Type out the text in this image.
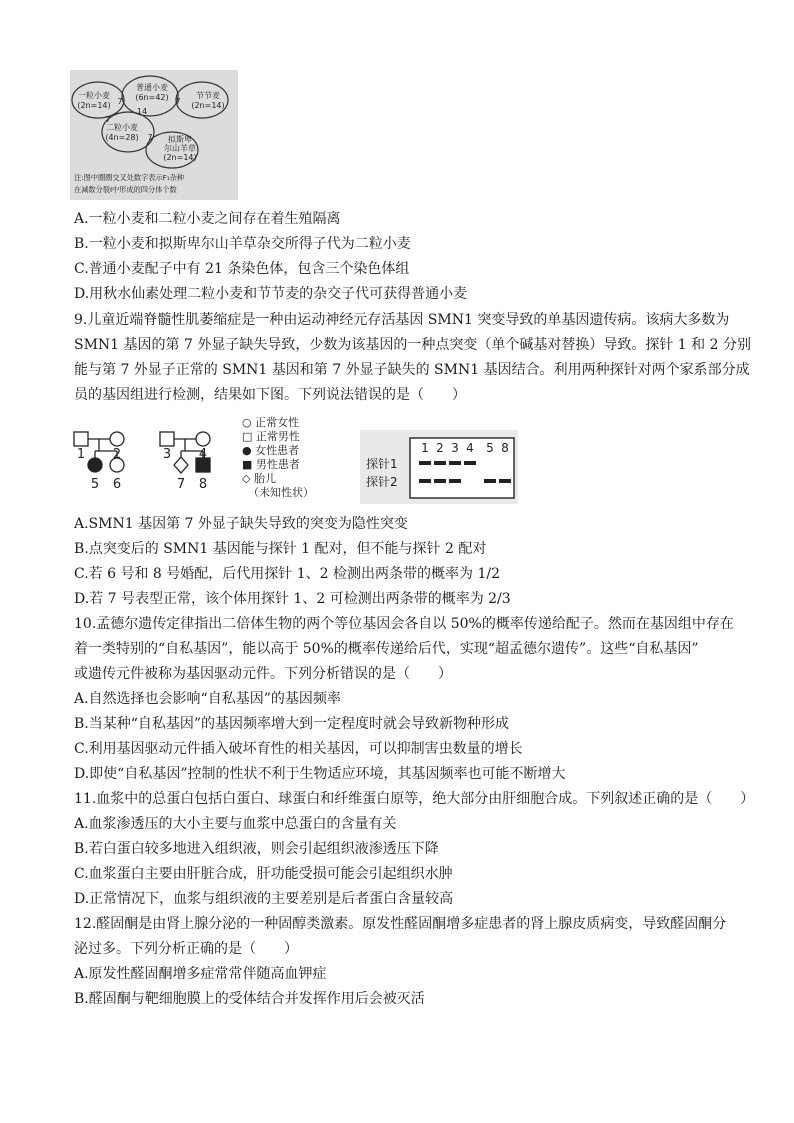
一粒小麦
(2n=14)
普通小麦
(6n=42)	节节麦
(2n=14)
二粒小麦
(4n=28)	拟斯卑
尔山羊草
(2n=14)
7	7
14
7
7
注:图中圈圈交叉处数字表示F₁杂种
在减数分裂Ⅰ中形成的四分体个数
A.一粒小麦和二粒小麦之间存在着生殖隔离
B.一粒小麦和拟斯卑尔山羊草杂交所得子代为二粒小麦
C.普通小麦配子中有 21 条染色体，包含三个染色体组
D.用秋水仙素处理二粒小麦和节节麦的杂交子代可获得普通小麦
9.儿童近端脊髓性肌萎缩症是一种由运动神经元存活基因 SMN1 突变导致的单基因遗传病。该病大多数为
SMN1 基因的第 7 外显子缺失导致，少数为该基因的一种点突变（单个碱基对替换）导致。探针 1 和 2 分别
能与第 7 外显子正常的 SMN1 基因和第 7 外显子缺失的 SMN1 基因结合。利用两种探针对两个家系部分成
员的基因组进行检测，结果如下图。下列说法错误的是（　　）
1 2	3 4
5 6	7 8
○ 正常女性
□ 正常男性
● 女性患者
■ 男性患者
◇ 胎儿
（未知性状）
探针1
探针2
1 2 3 4 5 8
A.SMN1 基因第 7 外显子缺失导致的突变为隐性突变
B.点突变后的 SMN1 基因能与探针 1 配对，但不能与探针 2 配对
C.若 6 号和 8 号婚配，后代用探针 1、2 检测出两条带的概率为 1/2
D.若 7 号表型正常，该个体用探针 1、2 可检测出两条带的概率为 2/3
10.孟德尔遗传定律指出二倍体生物的两个等位基因会各自以 50%的概率传递给配子。然而在基因组中存在
着一类特别的“自私基因”，能以高于 50%的概率传递给后代，实现“超孟德尔遗传”。这些“自私基因”
或遗传元件被称为基因驱动元件。下列分析错误的是（　　）
A.自然选择也会影响“自私基因”的基因频率
B.当某种“自私基因”的基因频率增大到一定程度时就会导致新物种形成
C.利用基因驱动元件插入破坏育性的相关基因，可以抑制害虫数量的增长
D.即使“自私基因”控制的性状不利于生物适应环境，其基因频率也可能不断增大
11.血浆中的总蛋白包括白蛋白、球蛋白和纤维蛋白原等，绝大部分由肝细胞合成。下列叙述正确的是（　　）
A.血浆渗透压的大小主要与血浆中总蛋白的含量有关
B.若白蛋白较多地进入组织液，则会引起组织液渗透压下降
C.血浆蛋白主要由肝脏合成，肝功能受损可能会引起组织水肿
D.正常情况下，血浆与组织液的主要差别是后者蛋白含量较高
12.醛固酮是由肾上腺分泌的一种固醇类激素。原发性醛固酮增多症患者的肾上腺皮质病变，导致醛固酮分
泌过多。下列分析正确的是（　　）
A.原发性醛固酮增多症常常伴随高血钾症
B.醛固酮与靶细胞膜上的受体结合并发挥作用后会被灭活
